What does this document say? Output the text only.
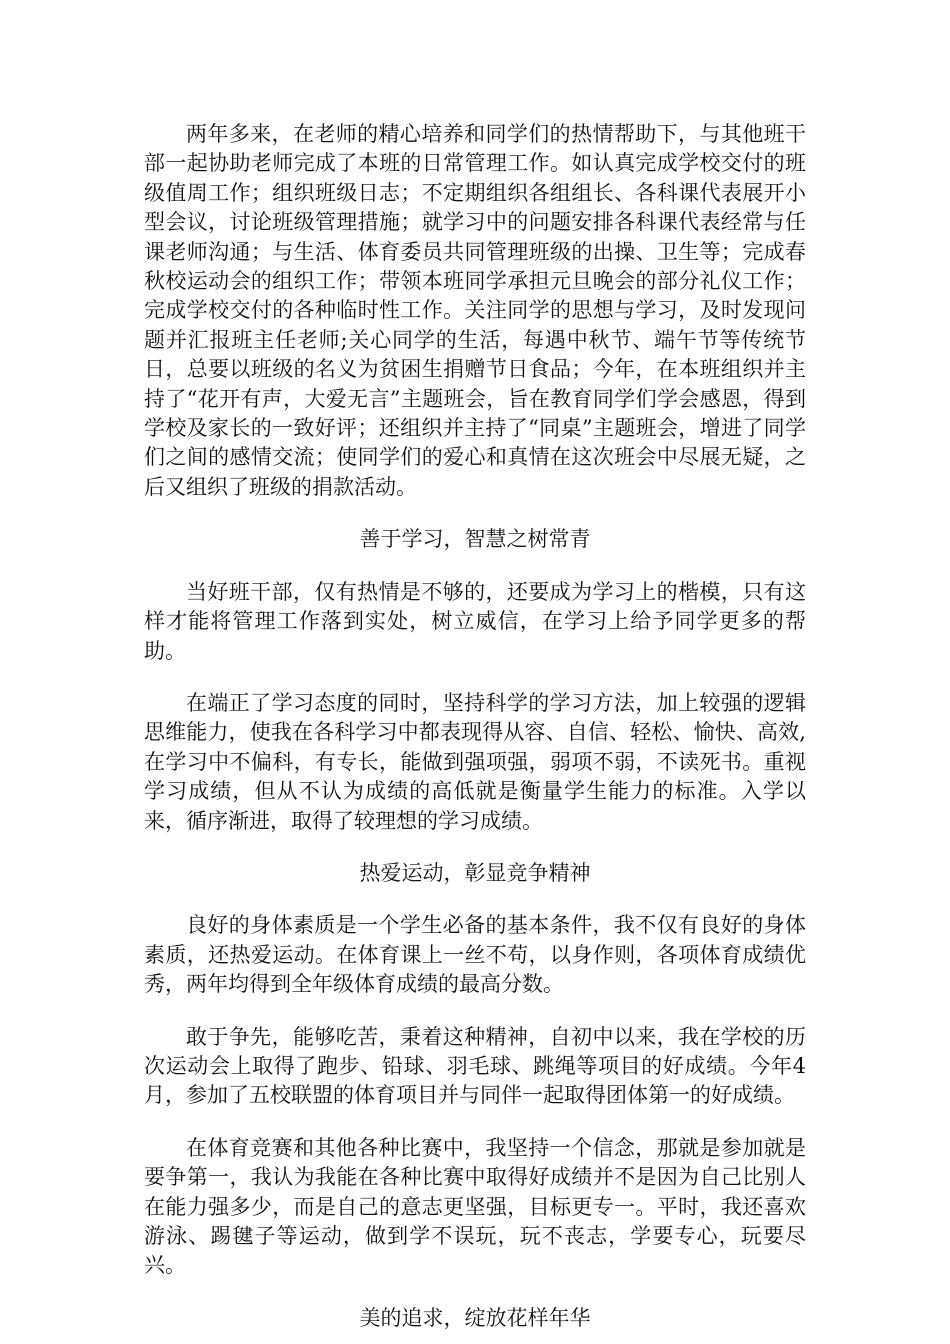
两年多来，在老师的精心培养和同学们的热情帮助下，与其他班干部一起协助老师完成了本班的日常管理工作。如认真完成学校交付的班级值周工作；组织班级日志；不定期组织各组组长、各科课代表展开小型会议，讨论班级管理措施；就学习中的问题安排各科课代表经常与任课老师沟通；与生活、体育委员共同管理班级的出操、卫生等；完成春秋校运动会的组织工作；带领本班同学承担元旦晚会的部分礼仪工作；完成学校交付的各种临时性工作。关注同学的思想与学习，及时发现问题并汇报班主任老师;关心同学的生活，每遇中秋节、端午节等传统节日，总要以班级的名义为贫困生捐赠节日食品；今年，在本班组织并主持了“花开有声，大爱无言”主题班会，旨在教育同学们学会感恩，得到学校及家长的一致好评；还组织并主持了“同桌”主题班会，增进了同学们之间的感情交流；使同学们的爱心和真情在这次班会中尽展无疑，之后又组织了班级的捐款活动。

善于学习，智慧之树常青

当好班干部，仅有热情是不够的，还要成为学习上的楷模，只有这样才能将管理工作落到实处，树立威信，在学习上给予同学更多的帮助。

在端正了学习态度的同时，坚持科学的学习方法，加上较强的逻辑思维能力，使我在各科学习中都表现得从容、自信、轻松、愉快、高效,在学习中不偏科，有专长，能做到强项强，弱项不弱，不读死书。重视学习成绩，但从不认为成绩的高低就是衡量学生能力的标准。入学以来，循序渐进，取得了较理想的学习成绩。

热爱运动，彰显竞争精神

良好的身体素质是一个学生必备的基本条件，我不仅有良好的身体素质，还热爱运动。在体育课上一丝不苟，以身作则，各项体育成绩优秀，两年均得到全年级体育成绩的最高分数。

敢于争先，能够吃苦，秉着这种精神，自初中以来，我在学校的历次运动会上取得了跑步、铅球、羽毛球、跳绳等项目的好成绩。今年4月，参加了五校联盟的体育项目并与同伴一起取得团体第一的好成绩。

在体育竞赛和其他各种比赛中，我坚持一个信念，那就是参加就是要争第一，我认为我能在各种比赛中取得好成绩并不是因为自己比别人在能力强多少，而是自己的意志更坚强，目标更专一。平时，我还喜欢游泳、踢毽子等运动，做到学不误玩，玩不丧志，学要专心，玩要尽兴。

美的追求，绽放花样年华
